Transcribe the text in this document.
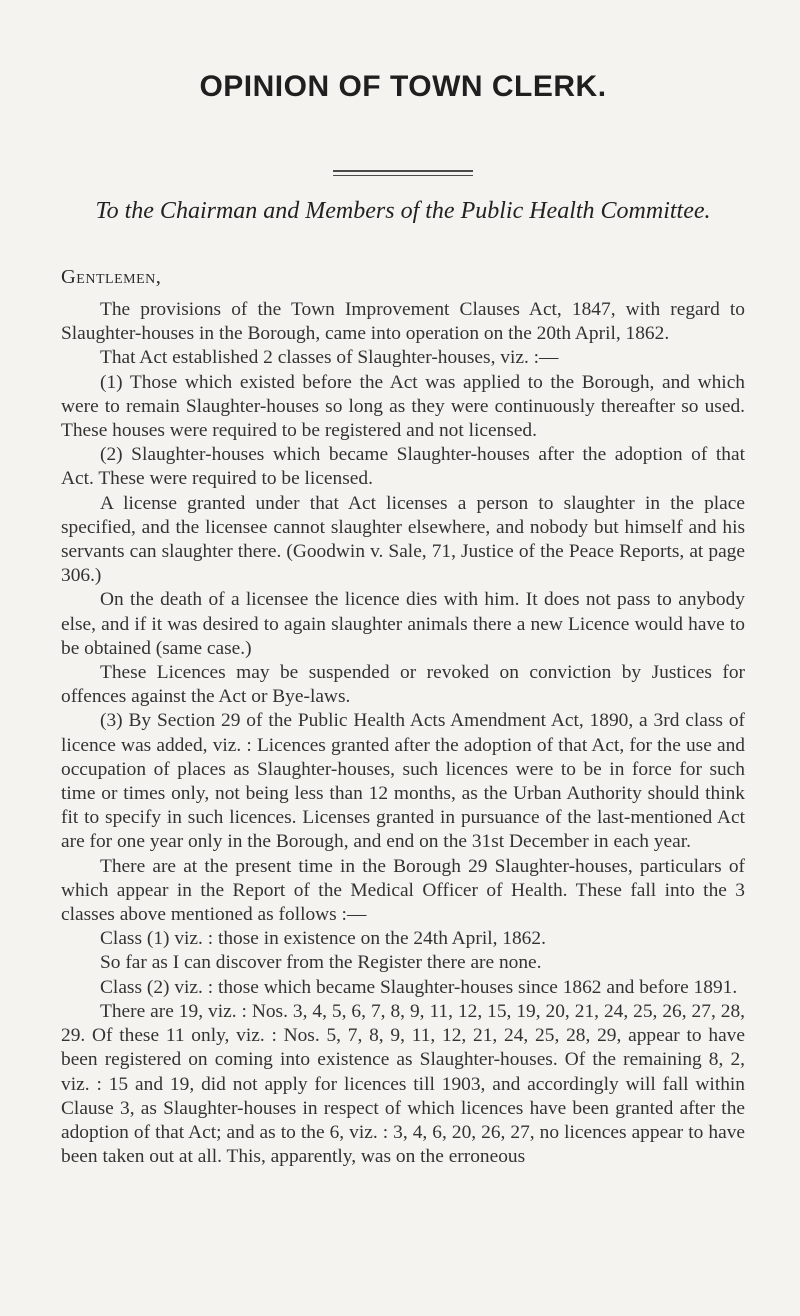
OPINION OF TOWN CLERK.

To the Chairman and Members of the Public Health Committee.

Gentlemen,

The provisions of the Town Improvement Clauses Act, 1847, with regard to Slaughter-houses in the Borough, came into operation on the 20th April, 1862.

That Act established 2 classes of Slaughter-houses, viz. :—

(1) Those which existed before the Act was applied to the Borough, and which were to remain Slaughter-houses so long as they were continuously thereafter so used. These houses were required to be registered and not licensed.

(2) Slaughter-houses which became Slaughter-houses after the adoption of that Act. These were required to be licensed.

A license granted under that Act licenses a person to slaughter in the place specified, and the licensee cannot slaughter elsewhere, and nobody but himself and his servants can slaughter there. (Goodwin v. Sale, 71, Justice of the Peace Reports, at page 306.)

On the death of a licensee the licence dies with him. It does not pass to anybody else, and if it was desired to again slaughter animals there a new Licence would have to be obtained (same case.)

These Licences may be suspended or revoked on conviction by Justices for offences against the Act or Bye-laws.

(3) By Section 29 of the Public Health Acts Amendment Act, 1890, a 3rd class of licence was added, viz. : Licences granted after the adoption of that Act, for the use and occupation of places as Slaughter-houses, such licences were to be in force for such time or times only, not being less than 12 months, as the Urban Authority should think fit to specify in such licences. Licenses granted in pursuance of the last-mentioned Act are for one year only in the Borough, and end on the 31st December in each year.

There are at the present time in the Borough 29 Slaughter-houses, particulars of which appear in the Report of the Medical Officer of Health. These fall into the 3 classes above mentioned as follows :—

Class (1) viz. : those in existence on the 24th April, 1862.

So far as I can discover from the Register there are none.

Class (2) viz. : those which became Slaughter-houses since 1862 and before 1891.

There are 19, viz. : Nos. 3, 4, 5, 6, 7, 8, 9, 11, 12, 15, 19, 20, 21, 24, 25, 26, 27, 28, 29. Of these 11 only, viz. : Nos. 5, 7, 8, 9, 11, 12, 21, 24, 25, 28, 29, appear to have been registered on coming into existence as Slaughter-houses. Of the remaining 8, 2, viz. : 15 and 19, did not apply for licences till 1903, and accordingly will fall within Clause 3, as Slaughter-houses in respect of which licences have been granted after the adoption of that Act; and as to the 6, viz. : 3, 4, 6, 20, 26, 27, no licences appear to have been taken out at all. This, apparently, was on the erroneous
